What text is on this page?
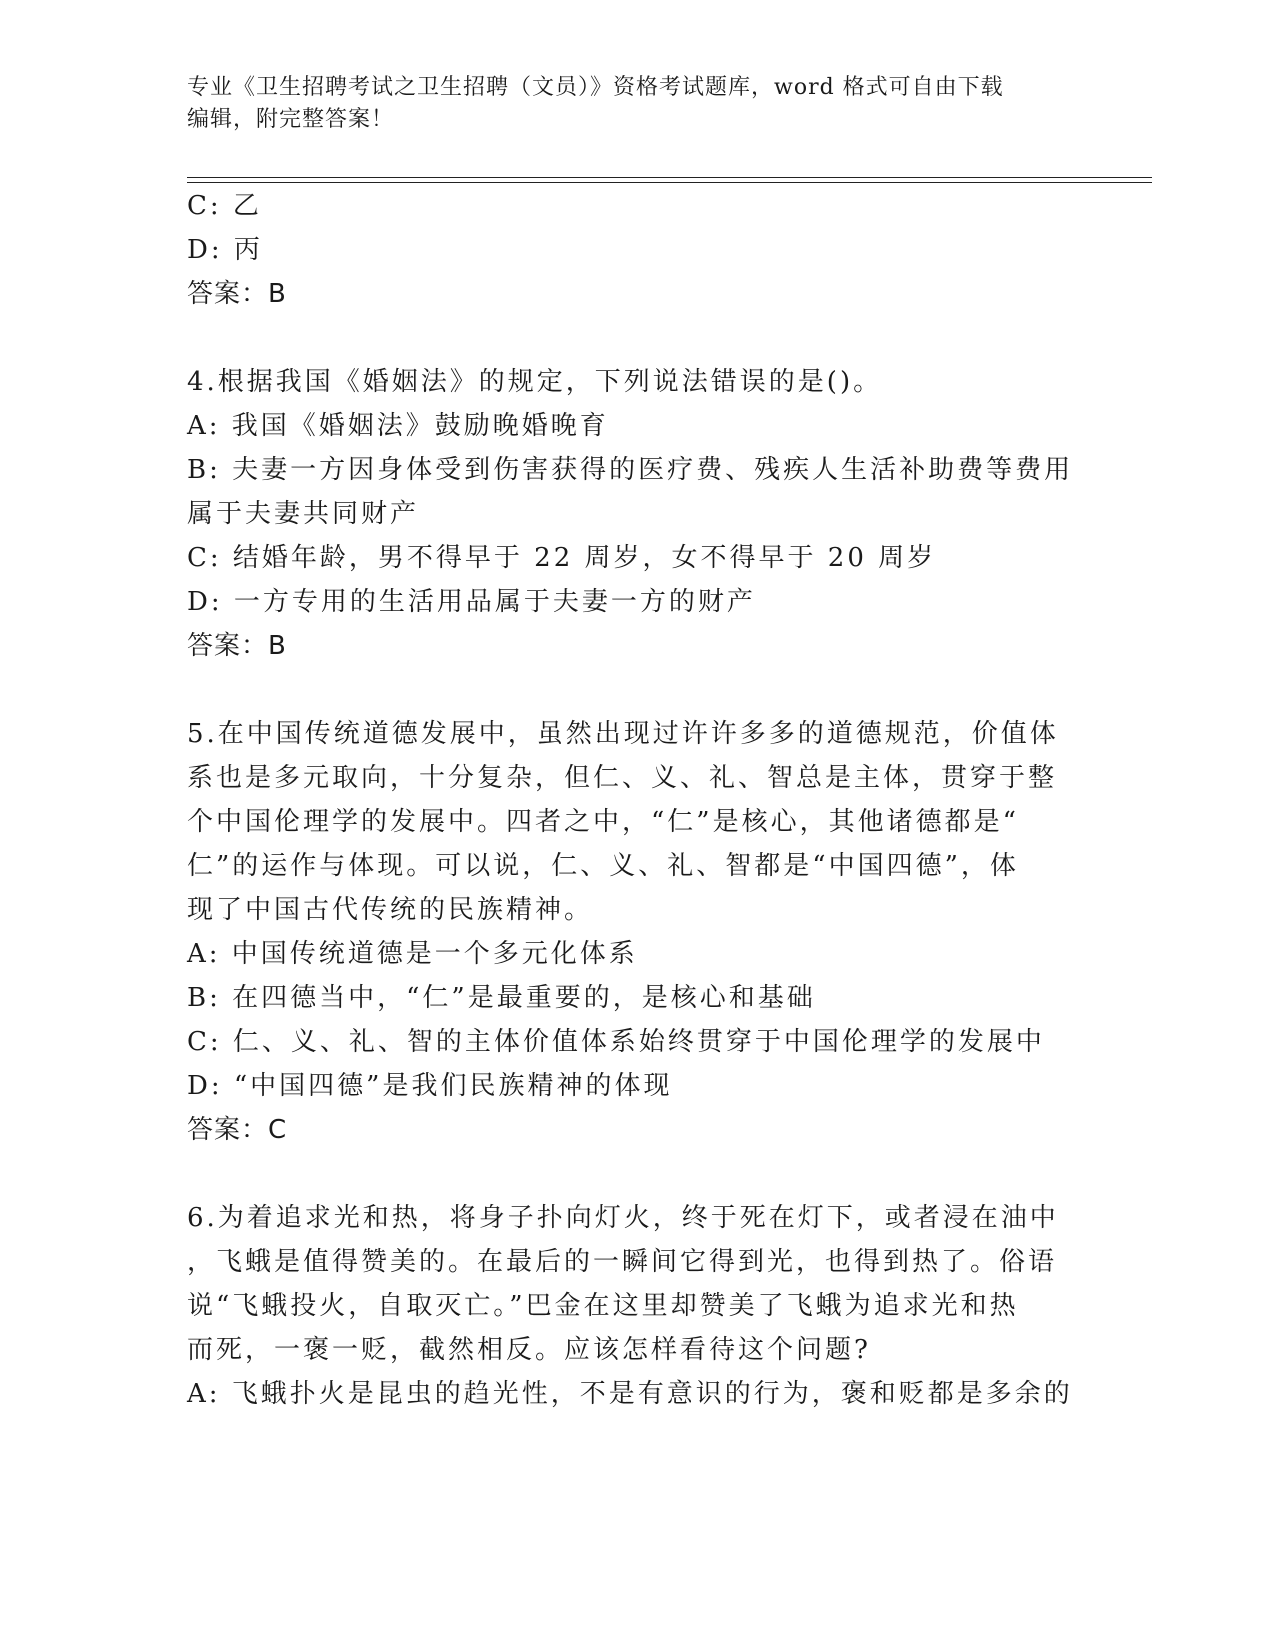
专业《卫生招聘考试之卫生招聘（文员）》资格考试题库，word 格式可自由下载
编辑，附完整答案！
C: 乙
D: 丙
答案：B
4.根据我国《婚姻法》的规定，下列说法错误的是()。
A: 我国《婚姻法》鼓励晚婚晚育
B: 夫妻一方因身体受到伤害获得的医疗费、残疾人生活补助费等费用
属于夫妻共同财产
C: 结婚年龄，男不得早于 22 周岁，女不得早于 20 周岁
D: 一方专用的生活用品属于夫妻一方的财产
答案：B
5.在中国传统道德发展中，虽然出现过许许多多的道德规范，价值体
系也是多元取向，十分复杂，但仁、义、礼、智总是主体，贯穿于整
个中国伦理学的发展中。四者之中，“仁”是核心，其他诸德都是“
仁”的运作与体现。可以说，仁、义、礼、智都是“中国四德”，体
现了中国古代传统的民族精神。
A: 中国传统道德是一个多元化体系
B: 在四德当中，“仁”是最重要的，是核心和基础
C: 仁、义、礼、智的主体价值体系始终贯穿于中国伦理学的发展中
D: “中国四德”是我们民族精神的体现
答案：C
6.为着追求光和热，将身子扑向灯火，终于死在灯下，或者浸在油中
，飞蛾是值得赞美的。在最后的一瞬间它得到光，也得到热了。俗语
说“飞蛾投火，自取灭亡。”巴金在这里却赞美了飞蛾为追求光和热
而死，一褒一贬，截然相反。应该怎样看待这个问题?
A: 飞蛾扑火是昆虫的趋光性，不是有意识的行为，褒和贬都是多余的
